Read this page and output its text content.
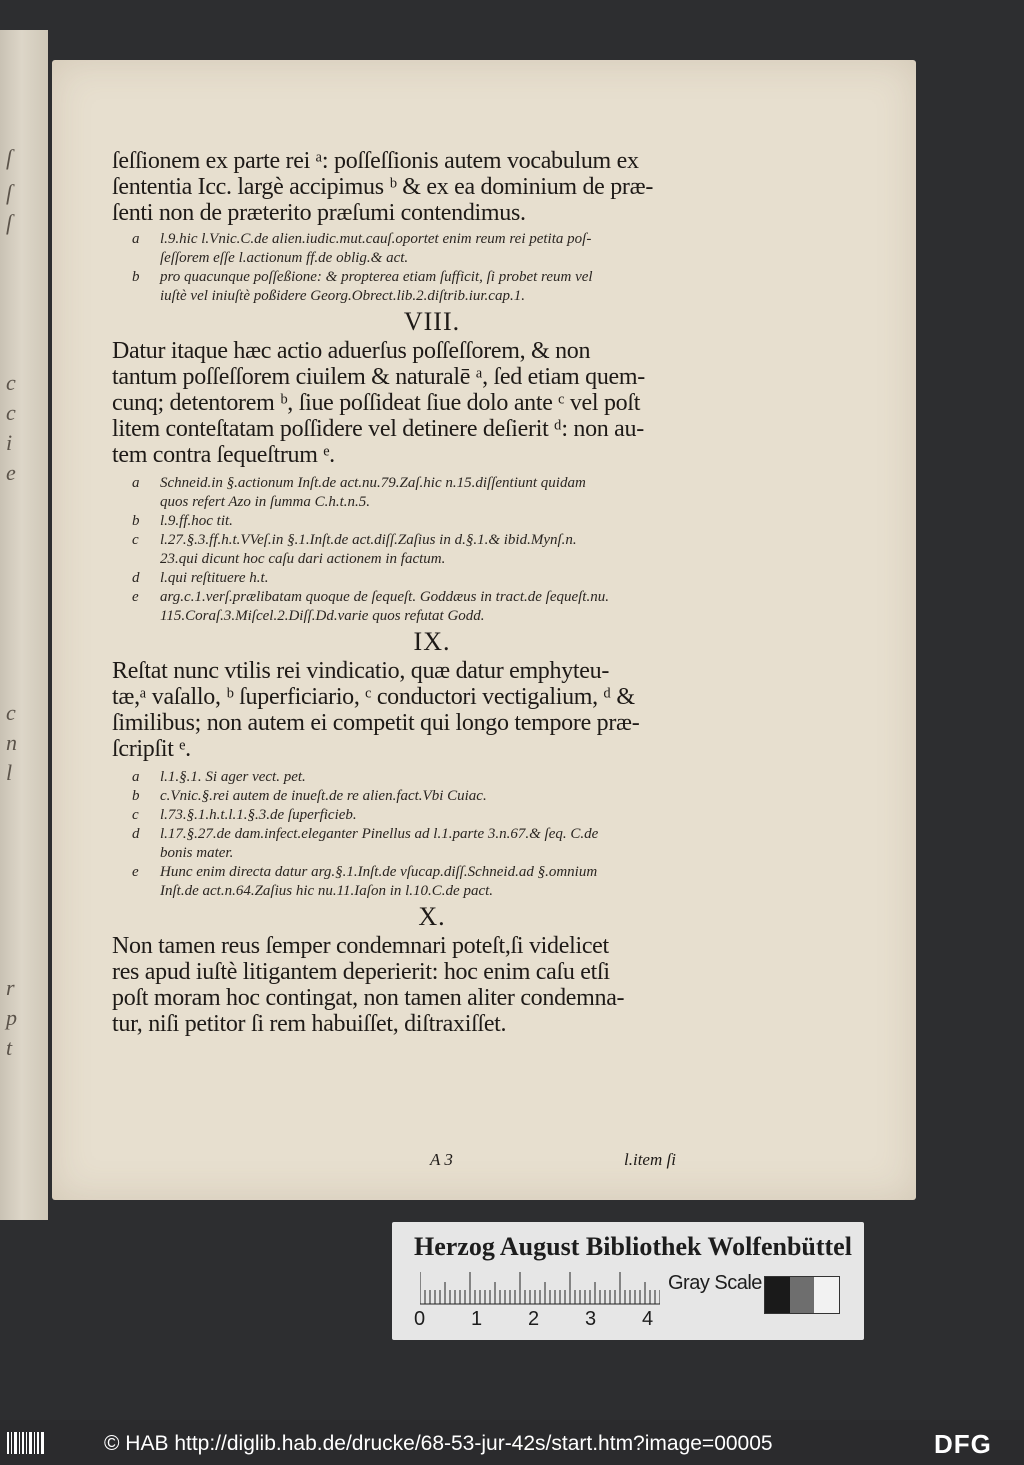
ſ
ſ
ſ
c
c
i
e
c
n
l
r
p
t
ſeſſionem ex parte rei ᵃ: poſſeſſionis autem vocabulum ex
ſententia Icc. largè accipimus ᵇ & ex ea dominium de præ-
ſenti non de præterito præſumi contendimus.
a l.9.hic l.Vnic.C.de alien.iudic.mut.cauſ.oportet enim reum rei petita poſ-
ſeſſorem eſſe l.actionum ff.de oblig.& act.
b pro quacunque poſſeßione: & propterea etiam ſufficit, ſi probet reum vel
iuſtè vel iniuſtè poßidere Georg.Obrect.lib.2.diſtrib.iur.cap.1.
VIII.
Datur itaque hæc actio aduerſus poſſeſſorem, & non
tantum poſſeſſorem ciuilem & naturalē ᵃ, ſed etiam quem-
cunq; detentorem ᵇ, ſiue poſſideat ſiue dolo ante ᶜ vel poſt
litem conteſtatam poſſidere vel detinere deſierit ᵈ: non au-
tem contra ſequeſtrum ᵉ.
a Schneid.in §.actionum Inſt.de act.nu.79.Zaſ.hic n.15.diſſentiunt quidam
quos refert Azo in ſumma C.h.t.n.5.
b l.9.ff.hoc tit.
c l.27.§.3.ff.h.t.VVeſ.in §.1.Inſt.de act.diſſ.Zaſius in d.§.1.& ibid.Mynſ.n.
23.qui dicunt hoc caſu dari actionem in factum.
d l.qui reſtituere h.t.
e arg.c.1.verſ.prælibatam quoque de ſequeſt. Goddæus in tract.de ſequeſt.nu.
115.Coraſ.3.Miſcel.2.Diſſ.Dd.varie quos refutat Godd.
IX.
Reſtat nunc vtilis rei vindicatio, quæ datur emphyteu-
tæ,ᵃ vaſallo, ᵇ ſuperficiario, ᶜ conductori vectigalium, ᵈ &
ſimilibus; non autem ei competit qui longo tempore præ-
ſcripſit ᵉ.
a l.1.§.1. Si ager vect. pet.
b c.Vnic.§.rei autem de inueſt.de re alien.fact.Vbi Cuiac.
c l.73.§.1.h.t.l.1.§.3.de ſuperficieb.
d l.17.§.27.de dam.infect.eleganter Pinellus ad l.1.parte 3.n.67.& ſeq. C.de
bonis mater.
e Hunc enim directa datur arg.§.1.Inſt.de vſucap.diſſ.Schneid.ad §.omnium
Inſt.de act.n.64.Zaſius hic nu.11.Iaſon in l.10.C.de pact.
X.
Non tamen reus ſemper condemnari poteſt,ſi videlicet
res apud iuſtè litigantem deperierit: hoc enim caſu etſi
poſt moram hoc contingat, non tamen aliter condemna-
tur, niſi petitor ſi rem habuiſſet, diſtraxiſſet.
A 3	l.item ſi
Herzog August Bibliothek Wolfenbüttel
0 1 2 3 4
Gray Scale
© HAB http://diglib.hab.de/drucke/68-53-jur-42s/start.htm?image=00005	DFG
